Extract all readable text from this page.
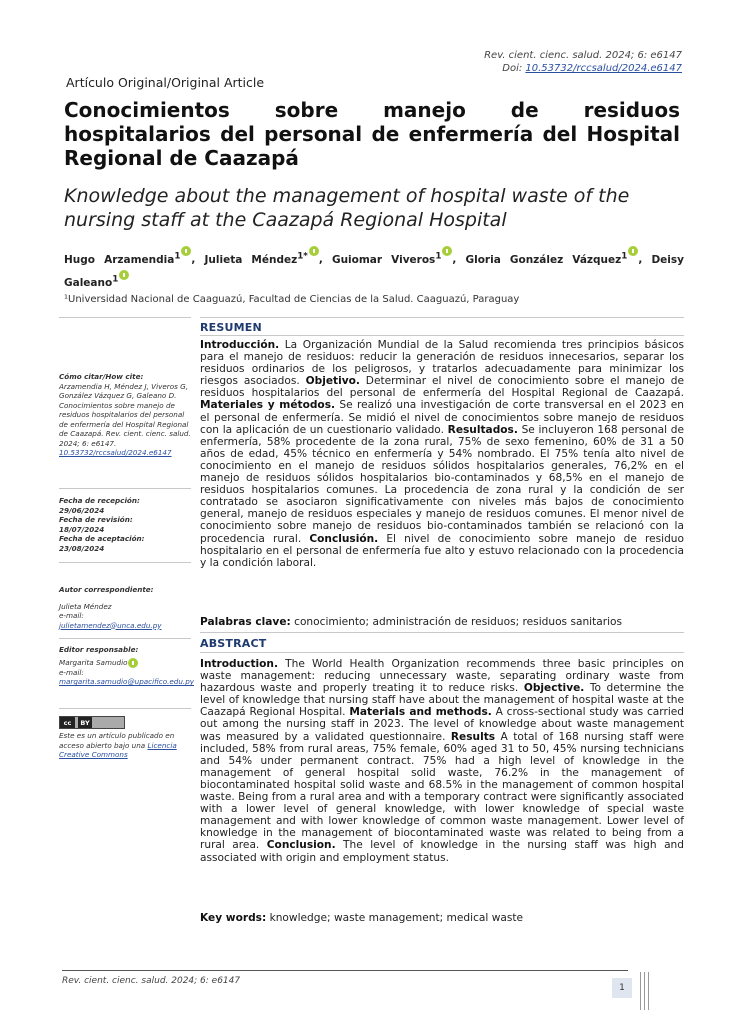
Rev. cient. cienc. salud. 2024; 6: e6147
Doi: 10.53732/rccsalud/2024.e6147
Artículo Original/Original Article
Conocimientos sobre manejo de residuos hospitalarios del personal de enfermería del Hospital Regional de Caazapá
Knowledge about the management of hospital waste of the nursing staff at the Caazapá Regional Hospital
Hugo Arzamendia$^1$ , Julieta Méndez$^{1*}$ , Guiomar Viveros$^1$ , Gloria González Vázquez$^1$ , Deisy Galeano$^1$
¹Universidad Nacional de Caaguazú, Facultad de Ciencias de la Salud. Caaguazú, Paraguay
Cómo citar/How cite:
Arzamendia H, Méndez J, Viveros G, González Vázquez G, Galeano D. Conocimientos sobre manejo de residuos hospitalarios del personal de enfermería del Hospital Regional de Caazapá. Rev. cient. cienc. salud. 2024; 6: e6147.
10.53732/rccsalud/2024.e6147
Fecha de recepción:
29/06/2024
Fecha de revisión:
18/07/2024
Fecha de aceptación:
23/08/2024
Autor correspondiente:
Julieta Méndez
e-mail:
julietamendez@unca.edu.py
Editor responsable:
Margarita Samudio
e-mail:
margarita.samudio@upacifico.edu.py
cc	BY
Este es un artículo publicado en acceso abierto bajo una Licencia Creative Commons
RESUMEN
Introducción. La Organización Mundial de la Salud recomienda tres principios básicos para el manejo de residuos: reducir la generación de residuos innecesarios, separar los residuos ordinarios de los peligrosos, y tratarlos adecuadamente para minimizar los riesgos asociados. Objetivo. Determinar el nivel de conocimiento sobre el manejo de residuos hospitalarios del personal de enfermería del Hospital Regional de Caazapá. Materiales y métodos. Se realizó una investigación de corte transversal en el 2023 en el personal de enfermería. Se midió el nivel de conocimientos sobre manejo de residuos con la aplicación de un cuestionario validado. Resultados. Se incluyeron 168 personal de enfermería, 58% procedente de la zona rural, 75% de sexo femenino, 60% de 31 a 50 años de edad, 45% técnico en enfermería y 54% nombrado. El 75% tenía alto nivel de conocimiento en el manejo de residuos sólidos hospitalarios generales, 76,2% en el manejo de residuos sólidos hospitalarios bio-contaminados y 68,5% en el manejo de residuos hospitalarios comunes. La procedencia de zona rural y la condición de ser contratado se asociaron significativamente con niveles más bajos de conocimiento general, manejo de residuos especiales y manejo de residuos comunes. El menor nivel de conocimiento sobre manejo de residuos bio-contaminados también se relacionó con la procedencia rural. Conclusión. El nivel de conocimiento sobre manejo de residuo hospitalario en el personal de enfermería fue alto y estuvo relacionado con la procedencia y la condición laboral.
Palabras clave: conocimiento; administración de residuos; residuos sanitarios
ABSTRACT
Introduction. The World Health Organization recommends three basic principles on waste management: reducing unnecessary waste, separating ordinary waste from hazardous waste and properly treating it to reduce risks. Objective. To determine the level of knowledge that nursing staff have about the management of hospital waste at the Caazapá Regional Hospital. Materials and methods. A cross-sectional study was carried out among the nursing staff in 2023. The level of knowledge about waste management was measured by a validated questionnaire. Results A total of 168 nursing staff were included, 58% from rural areas, 75% female, 60% aged 31 to 50, 45% nursing technicians and 54% under permanent contract. 75% had a high level of knowledge in the management of general hospital solid waste, 76.2% in the management of biocontaminated hospital solid waste and 68.5% in the management of common hospital waste. Being from a rural area and with a temporary contract were significantly associated with a lower level of general knowledge, with lower knowledge of special waste management and with lower knowledge of common waste management. Lower level of knowledge in the management of biocontaminated waste was related to being from a rural area. Conclusion. The level of knowledge in the nursing staff was high and associated with origin and employment status.
Key words: knowledge; waste management; medical waste
Rev. cient. cienc. salud. 2024; 6: e6147
1
